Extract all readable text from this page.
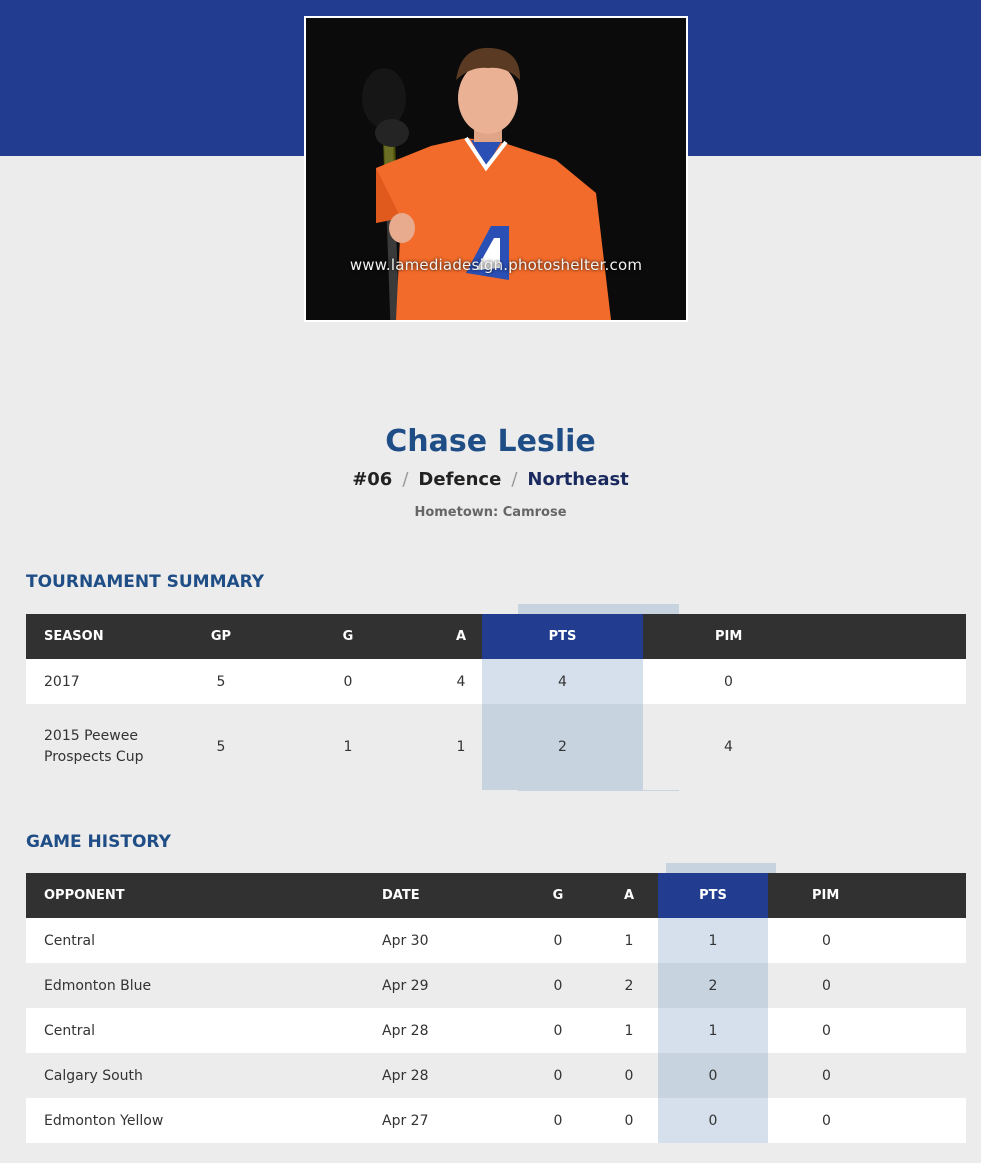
www.lamediadesign.photoshelter.com
Chase Leslie
#06 / Defence / Northeast
Hometown: Camrose
TOURNAMENT SUMMARY
SEASON	GP	G	A	PTS	PIM
2017	5	0	4	4	0
2015 Peewee Prospects Cup	5	1	1	2	4
GAME HISTORY
OPPONENT	DATE	G	A	PTS	PIM
Central	Apr 30	0	1	1	0
Edmonton Blue	Apr 29	0	2	2	0
Central	Apr 28	0	1	1	0
Calgary South	Apr 28	0	0	0	0
Edmonton Yellow	Apr 27	0	0	0	0
